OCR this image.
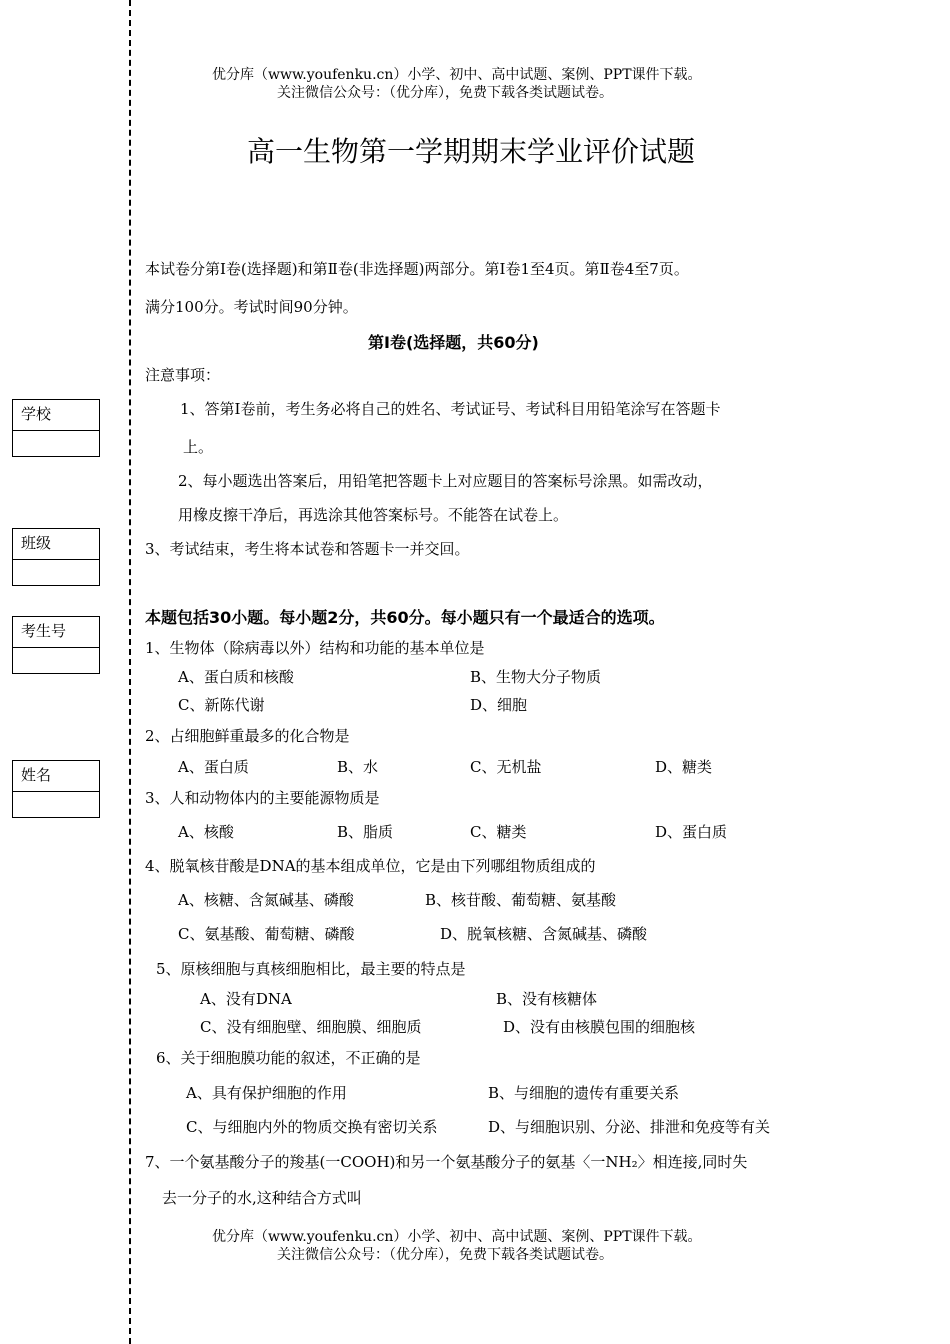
学校
班级
考生号
姓名
优分库（www.youfenku.cn）小学、初中、高中试题、案例、PPT课件下载。
关注微信公众号：（优分库），免费下载各类试题试卷。
高一生物第一学期期末学业评价试题
本试卷分第Ⅰ卷(选择题)和第Ⅱ卷(非选择题)两部分。第Ⅰ卷1至4页。第Ⅱ卷4至7页。
满分100分。考试时间90分钟。
第Ⅰ卷(选择题，共60分)
注意事项：
1、答第Ⅰ卷前，考生务必将自己的姓名、考试证号、考试科目用铅笔涂写在答题卡
上。
2、每小题选出答案后，用铅笔把答题卡上对应题目的答案标号涂黑。如需改动，
用橡皮擦干净后，再选涂其他答案标号。不能答在试卷上。
3、考试结束，考生将本试卷和答题卡一并交回。
本题包括30小题。每小题2分，共60分。每小题只有一个最适合的选项。
1、生物体（除病毒以外）结构和功能的基本单位是
A、蛋白质和核酸	B、生物大分子物质
C、新陈代谢	D、细胞
2、占细胞鲜重最多的化合物是
A、蛋白质	B、水	C、无机盐	D、糖类
3、人和动物体内的主要能源物质是
A、核酸	B、脂质	C、糖类	D、蛋白质
4、脱氧核苷酸是DNA的基本组成单位，它是由下列哪组物质组成的
A、核糖、含氮碱基、磷酸	B、核苷酸、葡萄糖、氨基酸
C、氨基酸、葡萄糖、磷酸	D、脱氧核糖、含氮碱基、磷酸
5、原核细胞与真核细胞相比，最主要的特点是
A、没有DNA	B、没有核糖体
C、没有细胞壁、细胞膜、细胞质	D、没有由核膜包围的细胞核
6、关于细胞膜功能的叙述，不正确的是
A、具有保护细胞的作用	B、与细胞的遗传有重要关系
C、与细胞内外的物质交换有密切关系	D、与细胞识别、分泌、排泄和免疫等有关
7、一个氨基酸分子的羧基(一COOH)和另一个氨基酸分子的氨基〈一NH₂〉相连接,同时失
去一分子的水,这种结合方式叫
优分库（www.youfenku.cn）小学、初中、高中试题、案例、PPT课件下载。
关注微信公众号：（优分库），免费下载各类试题试卷。
